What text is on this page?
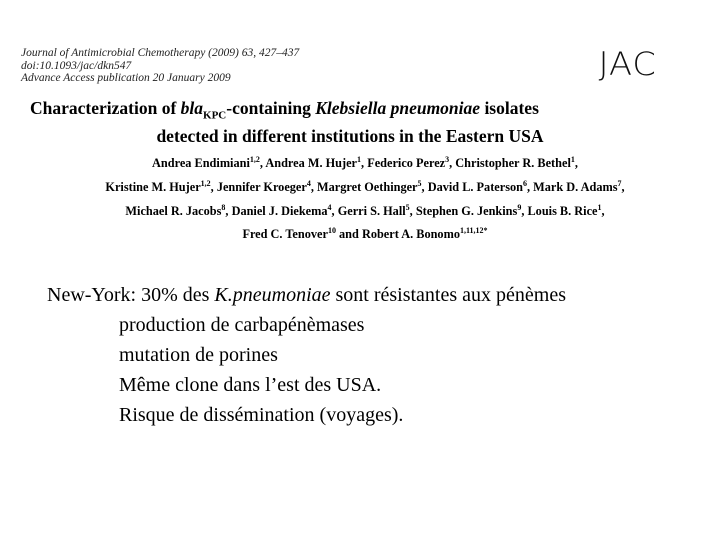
Journal of Antimicrobial Chemotherapy (2009) 63, 427–437
doi:10.1093/jac/dkn547
Advance Access publication 20 January 2009	JAC
Characterization of bla$_{KPC}$-containing Klebsiella pneumoniae isolates
detected in different institutions in the Eastern USA
Andrea Endimiani$^{1,2}$, Andrea M. Hujer$^1$, Federico Perez$^3$, Christopher R. Bethel$^1$,
Kristine M. Hujer$^{1,2}$, Jennifer Kroeger$^4$, Margret Oethinger$^5$, David L. Paterson$^6$, Mark D. Adams$^7$,
Michael R. Jacobs$^8$, Daniel J. Diekema$^4$, Gerri S. Hall$^5$, Stephen G. Jenkins$^9$, Louis B. Rice$^1$,
Fred C. Tenover$^{10}$ and Robert A. Bonomo$^{1,11,12*}$
New-York: 30% des K.pneumoniae sont résistantes aux pénèmes
production de carbapénèmases
mutation de porines
Même clone dans l’est des USA.
Risque de dissémination (voyages).
